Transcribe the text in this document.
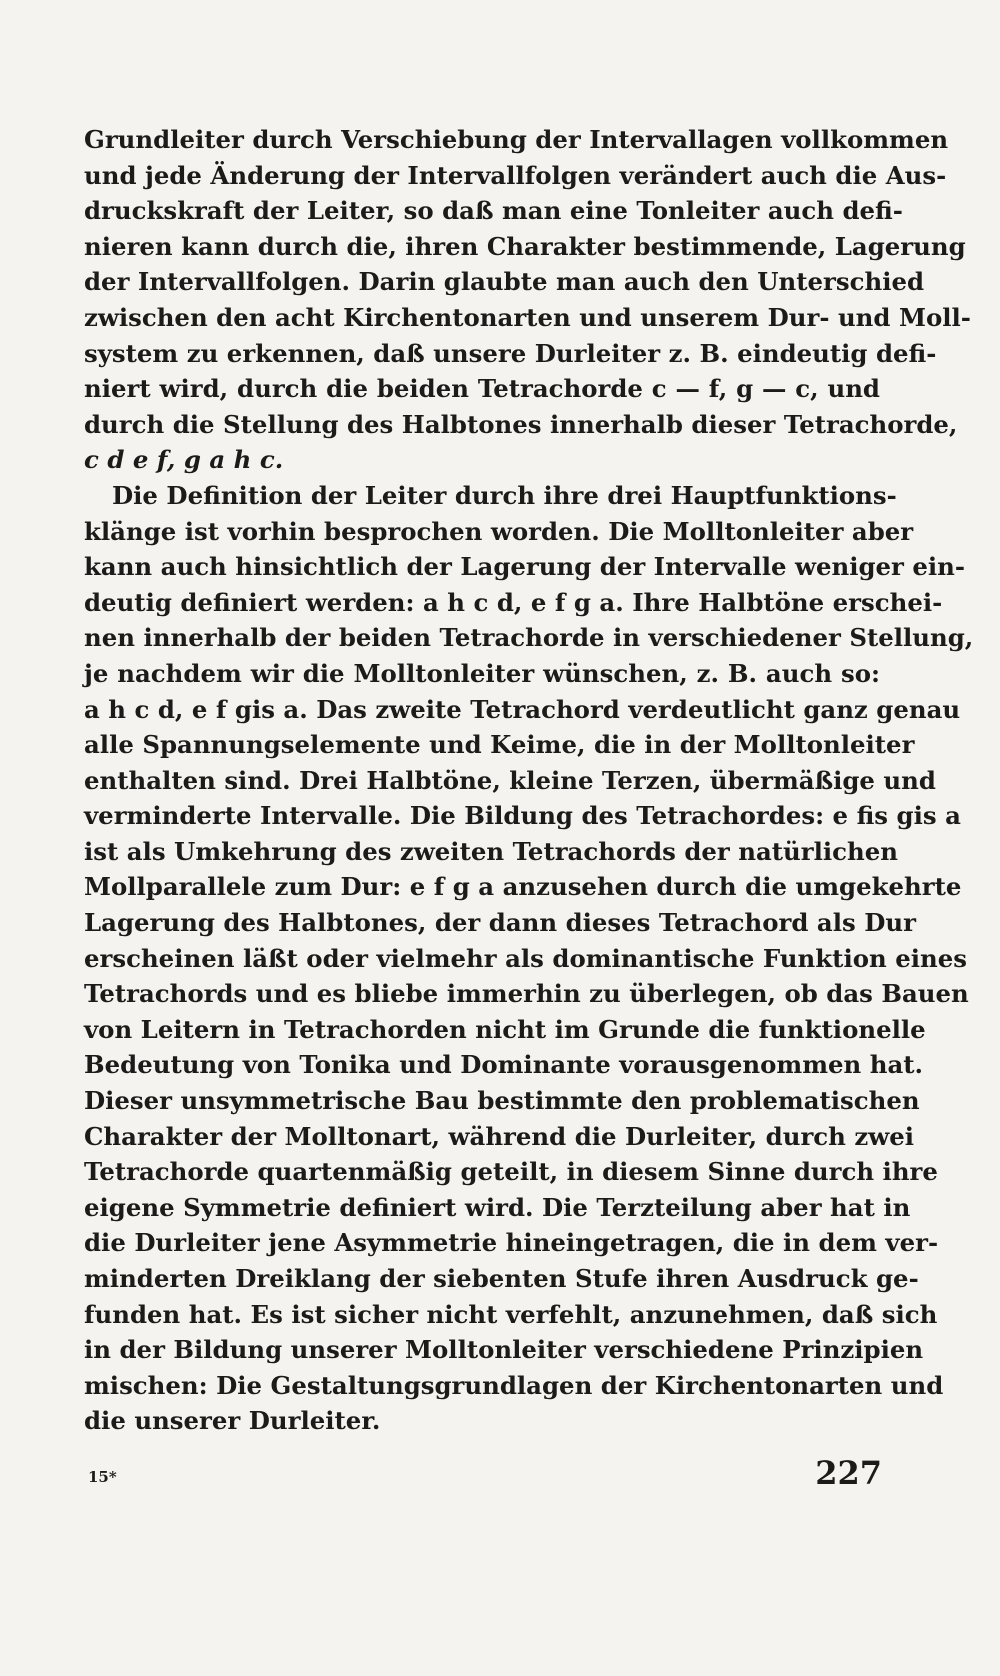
Grundleiter durch Verschiebung der Intervallagen vollkommen
und jede Änderung der Intervallfolgen verändert auch die Aus-
druckskraft der Leiter, so daß man eine Tonleiter auch defi-
nieren kann durch die, ihren Charakter bestimmende, Lagerung
der Intervallfolgen. Darin glaubte man auch den Unterschied
zwischen den acht Kirchentonarten und unserem Dur- und Moll-
system zu erkennen, daß unsere Durleiter z. B. eindeutig defi-
niert wird, durch die beiden Tetrachorde c — f, g — c, und
durch die Stellung des Halbtones innerhalb dieser Tetrachorde,
c d e f, g a h c.
Die Definition der Leiter durch ihre drei Hauptfunktions-
klänge ist vorhin besprochen worden. Die Molltonleiter aber
kann auch hinsichtlich der Lagerung der Intervalle weniger ein-
deutig definiert werden: a h c d, e f g a. Ihre Halbtöne erschei-
nen innerhalb der beiden Tetrachorde in verschiedener Stellung,
je nachdem wir die Molltonleiter wünschen, z. B. auch so:
a h c d, e f gis a. Das zweite Tetrachord verdeutlicht ganz genau
alle Spannungselemente und Keime, die in der Molltonleiter
enthalten sind. Drei Halbtöne, kleine Terzen, übermäßige und
verminderte Intervalle. Die Bildung des Tetrachordes: e fis gis a
ist als Umkehrung des zweiten Tetrachords der natürlichen
Mollparallele zum Dur: e f g a anzusehen durch die umgekehrte
Lagerung des Halbtones, der dann dieses Tetrachord als Dur
erscheinen läßt oder vielmehr als dominantische Funktion eines
Tetrachords und es bliebe immerhin zu überlegen, ob das Bauen
von Leitern in Tetrachorden nicht im Grunde die funktionelle
Bedeutung von Tonika und Dominante vorausgenommen hat.
Dieser unsymmetrische Bau bestimmte den problematischen
Charakter der Molltonart, während die Durleiter, durch zwei
Tetrachorde quartenmäßig geteilt, in diesem Sinne durch ihre
eigene Symmetrie definiert wird. Die Terzteilung aber hat in
die Durleiter jene Asymmetrie hineingetragen, die in dem ver-
minderten Dreiklang der siebenten Stufe ihren Ausdruck ge-
funden hat. Es ist sicher nicht verfehlt, anzunehmen, daß sich
in der Bildung unserer Molltonleiter verschiedene Prinzipien
mischen: Die Gestaltungsgrundlagen der Kirchentonarten und
die unserer Durleiter.
15*	227
